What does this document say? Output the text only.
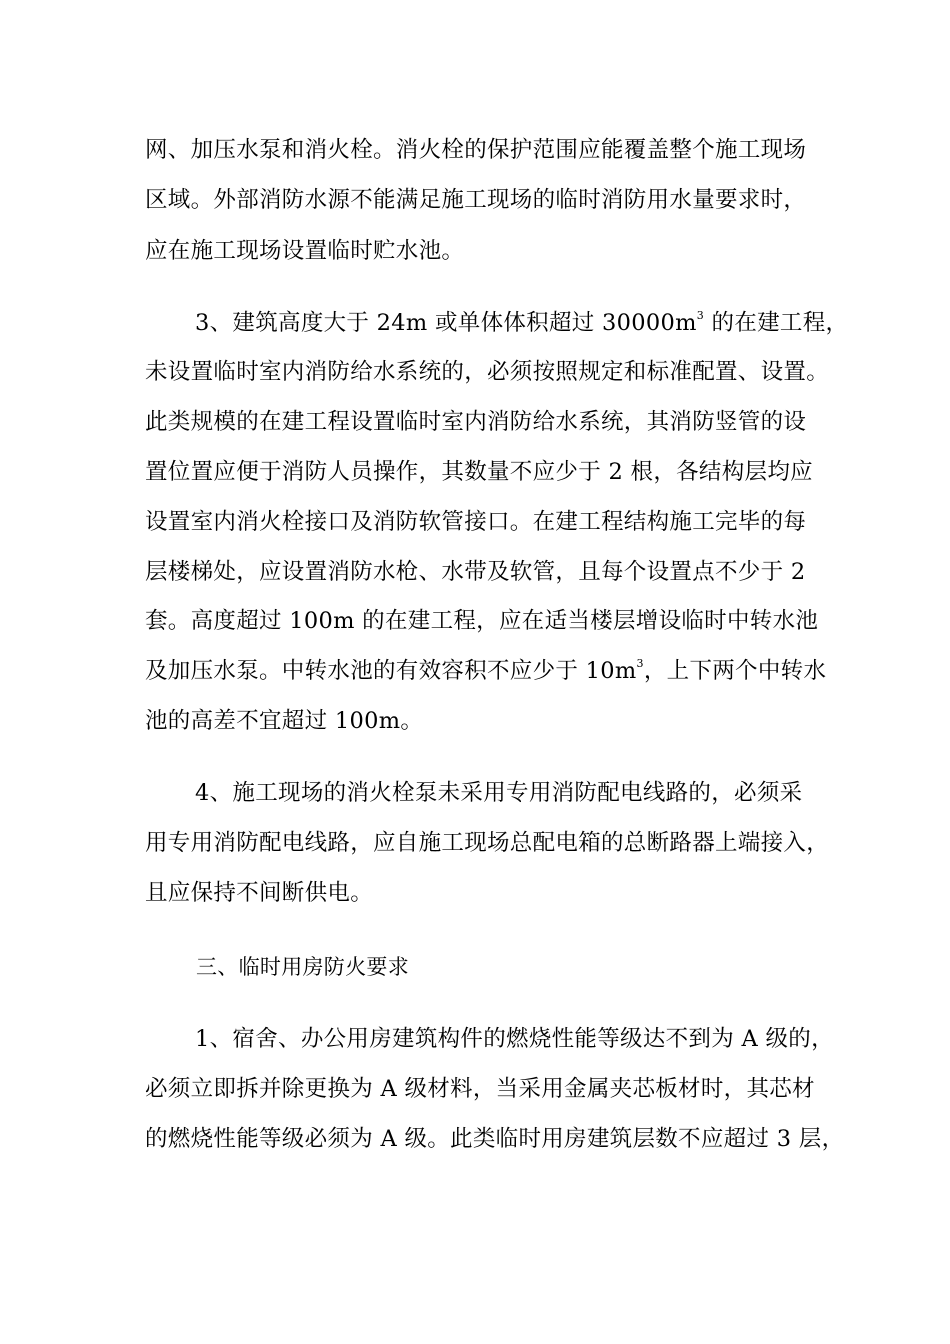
网、加压水泵和消火栓。消火栓的保护范围应能覆盖整个施工现场
区域。外部消防水源不能满足施工现场的临时消防用水量要求时，
应在施工现场设置临时贮水池。
3、建筑高度大于 24m 或单体体积超过 $30000m^3$ 的在建工程，
未设置临时室内消防给水系统的，必须按照规定和标准配置、设置。
此类规模的在建工程设置临时室内消防给水系统，其消防竖管的设
置位置应便于消防人员操作，其数量不应少于 2 根，各结构层均应
设置室内消火栓接口及消防软管接口。在建工程结构施工完毕的每
层楼梯处，应设置消防水枪、水带及软管，且每个设置点不少于 2
套。高度超过 100m 的在建工程，应在适当楼层增设临时中转水池
及加压水泵。中转水池的有效容积不应少于 $10m^3$，上下两个中转水
池的高差不宜超过 100m。
4、施工现场的消火栓泵未采用专用消防配电线路的，必须采
用专用消防配电线路，应自施工现场总配电箱的总断路器上端接入，
且应保持不间断供电。
三、临时用房防火要求
1、宿舍、办公用房建筑构件的燃烧性能等级达不到为 A 级的，
必须立即拆并除更换为 A 级材料，当采用金属夹芯板材时，其芯材
的燃烧性能等级必须为 A 级。此类临时用房建筑层数不应超过 3 层，
